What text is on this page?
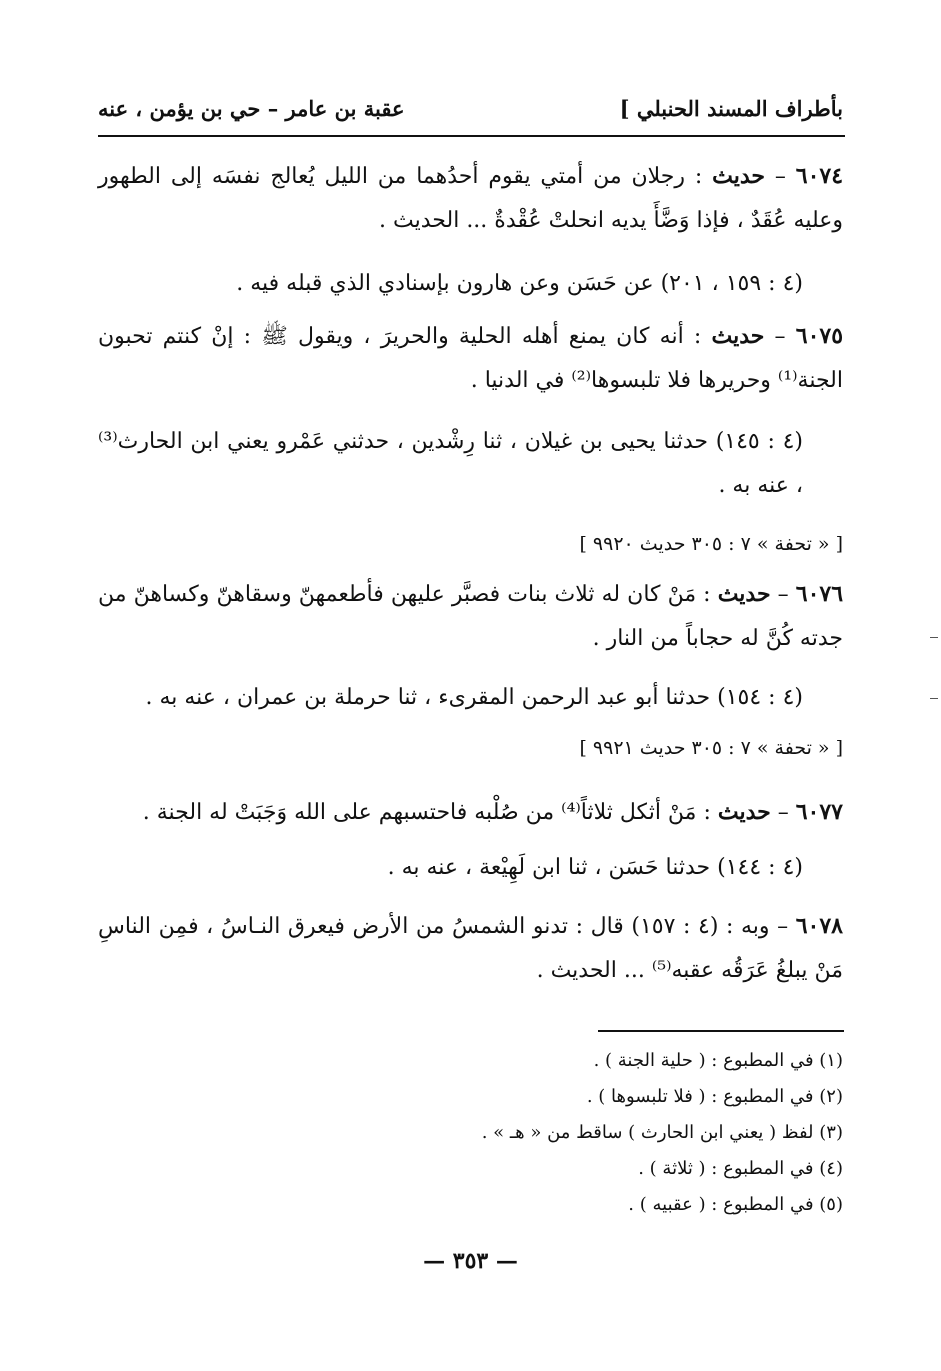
بأطراف المسند الحنبلي ]
عقبة بن عامر – حي بن يؤمن ، عنه

٦٠٧٤ – حديث : رجلان من أمتي يقوم أحدُهما من الليل يُعالج نفسَه إلى الطهور وعليه عُقَدٌ ، فإذا وَضَّأَ يديه انحلتْ عُقْدةٌ ... الحديث .

(٤ : ١٥٩ ، ٢٠١) عن حَسَن وعن هارون بإسنادي الذي قبله فيه .

٦٠٧٥ – حديث : أنه كان يمنع أهله الحلية والحريرَ ، ويقول ﷺ : إنْ كنتم تحبون الجنة⁽¹⁾ وحريرها فلا تلبسوها⁽²⁾ في الدنيا .

(٤ : ١٤٥) حدثنا يحيى بن غيلان ، ثنا رِشْدين ، حدثني عَمْرو يعني ابن الحارث⁽³⁾ ، عنه به .

[ « تحفة » ٧ : ٣٠٥ حديث ٩٩٢٠ ]

٦٠٧٦ – حديث : مَنْ كان له ثلاث بنات فصبَّر عليهن فأطعمهنّ وسقاهنّ وكساهنّ من جدته كُنَّ له حجاباً من النار .

(٤ : ١٥٤) حدثنا أبو عبد الرحمن المقرىء ، ثنا حرملة بن عمران ، عنه به .

[ « تحفة » ٧ : ٣٠٥ حديث ٩٩٢١ ]

٦٠٧٧ – حديث : مَنْ أثكل ثلاثاً⁽⁴⁾ من صُلْبه فاحتسبهم على الله وَجَبَتْ له الجنة .

(٤ : ١٤٤) حدثنا حَسَن ، ثنا ابن لَهِيْعة ، عنه به .

٦٠٧٨ – وبه : (٤ : ١٥٧) قال : تدنو الشمسُ من الأرض فيعرق النـاسُ ، فمِن الناسِ مَنْ يبلغُ عَرَقُه عقبه⁽⁵⁾ ... الحديث .

(١) في المطبوع : ( حلية الجنة ) .
(٢) في المطبوع : ( فلا تلبسوها ) .
(٣) لفظ ( يعني ابن الحارث ) ساقط من « هـ » .
(٤) في المطبوع : ( ثلاثة ) .
(٥) في المطبوع : ( عقبيه ) .
— ٣٥٣ —
